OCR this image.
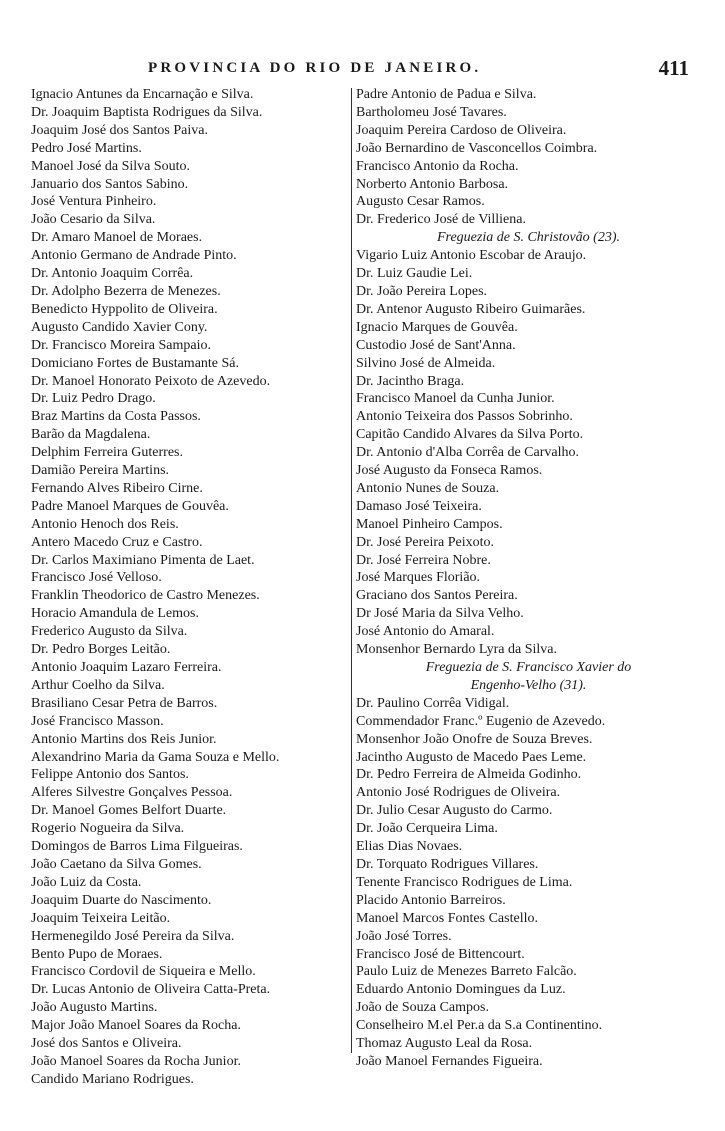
PROVINCIA DO RIO DE JANEIRO.	411
Ignacio Antunes da Encarnação e Silva.
Dr. Joaquim Baptista Rodrigues da Silva.
Joaquim José dos Santos Paiva.
Pedro José Martins.
Manoel José da Silva Souto.
Januario dos Santos Sabino.
José Ventura Pinheiro.
João Cesario da Silva.
Dr. Amaro Manoel de Moraes.
Antonio Germano de Andrade Pinto.
Dr. Antonio Joaquim Corrêa.
Dr. Adolpho Bezerra de Menezes.
Benedicto Hyppolito de Oliveira.
Augusto Candido Xavier Cony.
Dr. Francisco Moreira Sampaio.
Domiciano Fortes de Bustamante Sá.
Dr. Manoel Honorato Peixoto de Azevedo.
Dr. Luiz Pedro Drago.
Braz Martins da Costa Passos.
Barão da Magdalena.
Delphim Ferreira Guterres.
Damião Pereira Martins.
Fernando Alves Ribeiro Cirne.
Padre Manoel Marques de Gouvêa.
Antonio Henoch dos Reis.
Antero Macedo Cruz e Castro.
Dr. Carlos Maximiano Pimenta de Laet.
Francisco José Velloso.
Franklin Theodorico de Castro Menezes.
Horacio Amandula de Lemos.
Frederico Augusto da Silva.
Dr. Pedro Borges Leitão.
Antonio Joaquim Lazaro Ferreira.
Arthur Coelho da Silva.
Brasiliano Cesar Petra de Barros.
José Francisco Masson.
Antonio Martins dos Reis Junior.
Alexandrino Maria da Gama Souza e Mello.
Felippe Antonio dos Santos.
Alferes Silvestre Gonçalves Pessoa.
Dr. Manoel Gomes Belfort Duarte.
Rogerio Nogueira da Silva.
Domingos de Barros Lima Filgueiras.
João Caetano da Silva Gomes.
João Luiz da Costa.
Joaquim Duarte do Nascimento.
Joaquim Teixeira Leitão.
Hermenegildo José Pereira da Silva.
Bento Pupo de Moraes.
Francisco Cordovil de Siqueira e Mello.
Dr. Lucas Antonio de Oliveira Catta-Preta.
João Augusto Martins.
Major João Manoel Soares da Rocha.
José dos Santos e Oliveira.
João Manoel Soares da Rocha Junior.
Candido Mariano Rodrigues.
Padre Antonio de Padua e Silva.
Bartholomeu José Tavares.
Joaquim Pereira Cardoso de Oliveira.
João Bernardino de Vasconcellos Coimbra.
Francisco Antonio da Rocha.
Norberto Antonio Barbosa.
Augusto Cesar Ramos.
Dr. Frederico José de Villiena.
Freguezia de S. Christovão (23).
Vigario Luiz Antonio Escobar de Araujo.
Dr. Luiz Gaudie Lei.
Dr. João Pereira Lopes.
Dr. Antenor Augusto Ribeiro Guimarães.
Ignacio Marques de Gouvêa.
Custodio José de Sant'Anna.
Silvino José de Almeida.
Dr. Jacintho Braga.
Francisco Manoel da Cunha Junior.
Antonio Teixeira dos Passos Sobrinho.
Capitão Candido Alvares da Silva Porto.
Dr. Antonio d'Alba Corrêa de Carvalho.
José Augusto da Fonseca Ramos.
Antonio Nunes de Souza.
Damaso José Teixeira.
Manoel Pinheiro Campos.
Dr. José Pereira Peixoto.
Dr. José Ferreira Nobre.
José Marques Florião.
Graciano dos Santos Pereira.
Dr José Maria da Silva Velho.
José Antonio do Amaral.
Monsenhor Bernardo Lyra da Silva.
Freguezia de S. Francisco Xavier do
Engenho-Velho (31).
Dr. Paulino Corrêa Vidigal.
Commendador Franc.º Eugenio de Azevedo.
Monsenhor João Onofre de Souza Breves.
Jacintho Augusto de Macedo Paes Leme.
Dr. Pedro Ferreira de Almeida Godinho.
Antonio José Rodrigues de Oliveira.
Dr. Julio Cesar Augusto do Carmo.
Dr. João Cerqueira Lima.
Elias Dias Novaes.
Dr. Torquato Rodrigues Villares.
Tenente Francisco Rodrigues de Lima.
Placido Antonio Barreiros.
Manoel Marcos Fontes Castello.
João José Torres.
Francisco José de Bittencourt.
Paulo Luiz de Menezes Barreto Falcão.
Eduardo Antonio Domingues da Luz.
João de Souza Campos.
Conselheiro M.el Per.a da S.a Continentino.
Thomaz Augusto Leal da Rosa.
João Manoel Fernandes Figueira.
